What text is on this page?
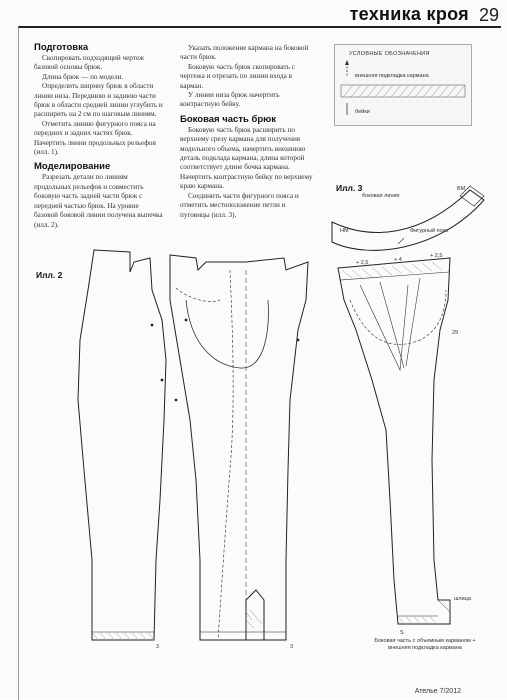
техника кроя 29
Подготовка

Скопировать подходящий чертеж базовой основы брюк.

Длина брюк — по модели.

Определить ширину брюк в области линии низа. Переднюю и заднюю части брюк в области средней линии углубить и расширить на 2 см по шаговым линиям.

Отметить линию фигурного пояса на передних и задних частях брюк. Начертить линии продольных рельефов (илл. 1).

Моделирование

Разрезать детали по линиям продольных рельефов и совместить боковую часть задней части брюк с передней частью брюк. На уровне базовой боковой линии получена выпечка (илл. 2).

Указать положение кармана на боковой части брюк.

Боковую часть брюк скопировать с чертежа и отрезать по линии входа в карман.

У линии низа брюк начертить контрастную бейку.

Боковая часть брюк

Боковую часть брюк расширить по верхнему срезу кармана для получения модельного объема, начертить внешнюю деталь подклада кармана, длина которой соответствует длине бочка кармана. Начертить контрастную бейку по верхнему краю кармана.

Соединить части фигурного пояса и отметить местоположение петли и пуговицы (илл. 3).

УСЛОВНЫЕ ОБОЗНАЧЕНИЯ
внешняя подкладка кармана
бейки
Илл. 2
Илл. 3
боковая линия
Фигурный пояс
НМ
ВМ
+ 2,5	+ 4
+ 2,5
29
3	3
S
шлица
Боковая часть с объемным карманом + внешняя подкладка кармана
Ателье 7/2012
